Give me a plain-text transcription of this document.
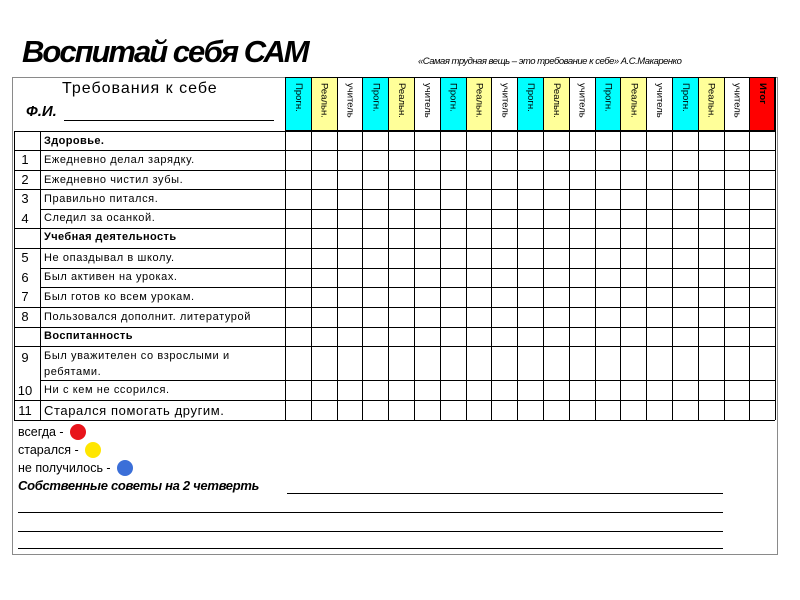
Воспитай себя САМ	«Самая трудная вещь – это требование к себе» А.С.Макаренко
Требования к себе
Ф.И.	Прогн. Реальн. учитель Прогн. Реальн. учитель Прогн. Реальн. учитель Прогн. Реальн. учитель Прогн. Реальн. учитель Прогн. Реальн. учитель Итог
Здоровье.
1	Ежедневно делал зарядку.
2	Ежедневно чистил зубы.
3	Правильно питался.
4	Следил за осанкой.
Учебная деятельность
5	Не опаздывал в школу.
6	Был активен на уроках.
7	Был готов ко всем урокам.
8	Пользовался дополнит. литературой
Воспитанность
9	Был уважителен со взрослыми и ребятами.
10	Ни с кем не ссорился.
11 Старался помогать другим.
всегда -
старался -
не получилось -
Собственные советы на 2 четверть
